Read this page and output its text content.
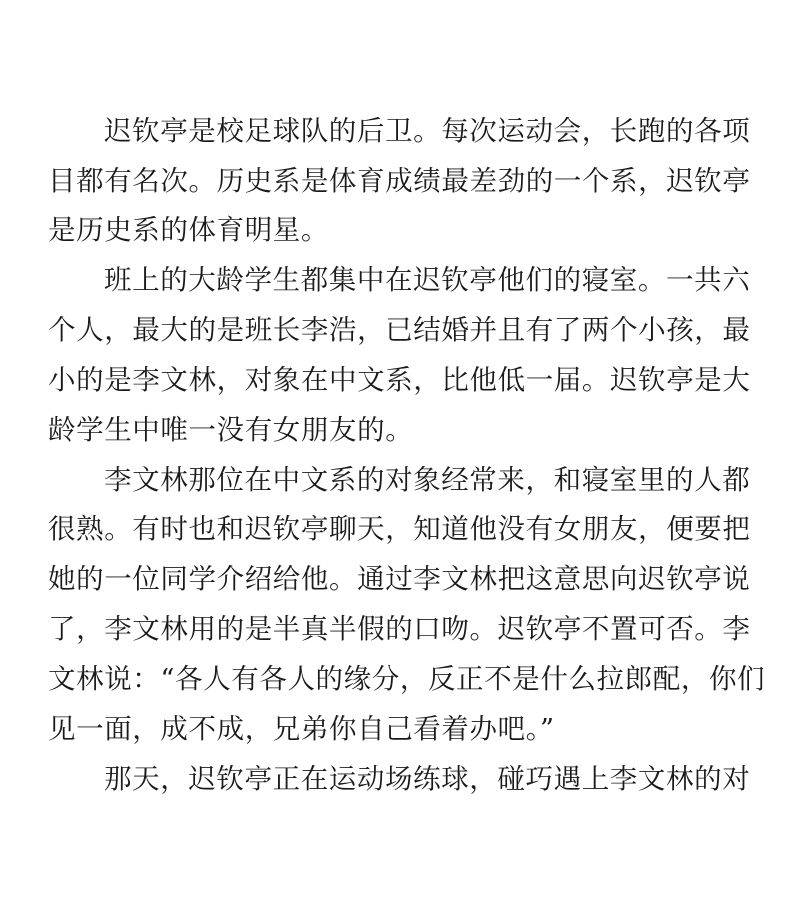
迟钦亭是校足球队的后卫。每次运动会，长跑的各项
目都有名次。历史系是体育成绩最差劲的一个系，迟钦亭
是历史系的体育明星。
班上的大龄学生都集中在迟钦亭他们的寝室。一共六
个人，最大的是班长李浩，已结婚并且有了两个小孩，最
小的是李文林，对象在中文系，比他低一届。迟钦亭是大
龄学生中唯一没有女朋友的。
李文林那位在中文系的对象经常来，和寝室里的人都
很熟。有时也和迟钦亭聊天，知道他没有女朋友，便要把
她的一位同学介绍给他。通过李文林把这意思向迟钦亭说
了，李文林用的是半真半假的口吻。迟钦亭不置可否。李
文林说：“各人有各人的缘分，反正不是什么拉郎配，你们
见一面，成不成，兄弟你自己看着办吧。”
那天，迟钦亭正在运动场练球，碰巧遇上李文林的对
